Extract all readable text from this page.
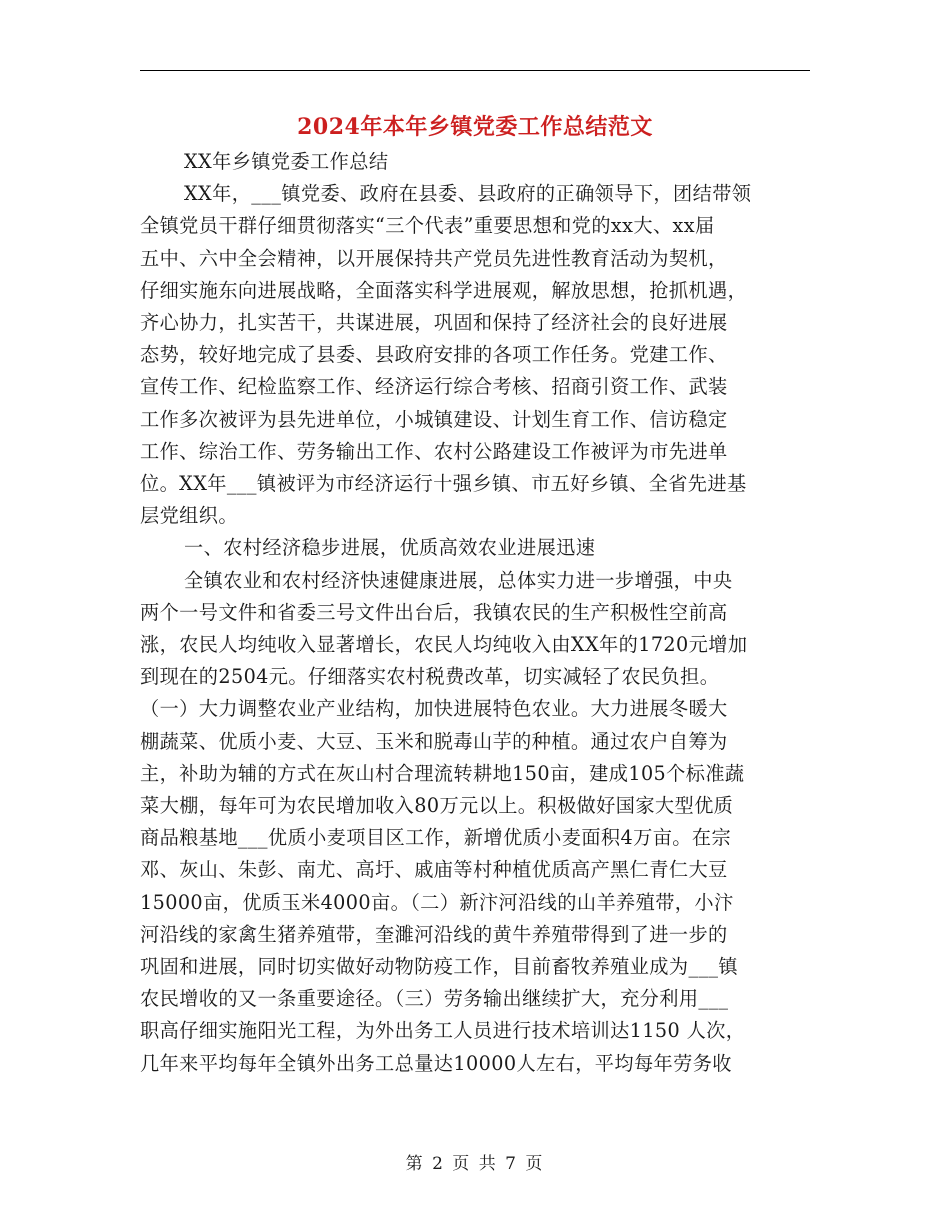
2024年本年乡镇党委工作总结范文

XX年乡镇党委工作总结

XX年，___镇党委、政府在县委、县政府的正确领导下，团结带领

全镇党员干群仔细贯彻落实“三个代表”重要思想和党的xx大、xx届

五中、六中全会精神，以开展保持共产党员先进性教育活动为契机，

仔细实施东向进展战略，全面落实科学进展观，解放思想，抢抓机遇，

齐心协力，扎实苦干，共谋进展，巩固和保持了经济社会的良好进展

态势，较好地完成了县委、县政府安排的各项工作任务。党建工作、

宣传工作、纪检监察工作、经济运行综合考核、招商引资工作、武装

工作多次被评为县先进单位，小城镇建设、计划生育工作、信访稳定

工作、综治工作、劳务输出工作、农村公路建设工作被评为市先进单

位。XX年___镇被评为市经济运行十强乡镇、市五好乡镇、全省先进基

层党组织。

一、农村经济稳步进展，优质高效农业进展迅速

全镇农业和农村经济快速健康进展，总体实力进一步增强，中央

两个一号文件和省委三号文件出台后，我镇农民的生产积极性空前高

涨，农民人均纯收入显著增长，农民人均纯收入由XX年的1720元增加

到现在的2504元。仔细落实农村税费改革，切实减轻了农民负担。

（一）大力调整农业产业结构，加快进展特色农业。大力进展冬暖大

棚蔬菜、优质小麦、大豆、玉米和脱毒山芋的种植。通过农户自筹为

主，补助为辅的方式在灰山村合理流转耕地150亩，建成105个标准蔬

菜大棚，每年可为农民增加收入80万元以上。积极做好国家大型优质

商品粮基地___优质小麦项目区工作，新增优质小麦面积4万亩。在宗

邓、灰山、朱彭、南尤、高圩、戚庙等村种植优质高产黑仁青仁大豆

15000亩，优质玉米4000亩。（二）新汴河沿线的山羊养殖带，小汴

河沿线的家禽生猪养殖带，奎濉河沿线的黄牛养殖带得到了进一步的

巩固和进展，同时切实做好动物防疫工作，目前畜牧养殖业成为___镇

农民增收的又一条重要途径。（三）劳务输出继续扩大，充分利用___

职高仔细实施阳光工程，为外出务工人员进行技术培训达1150 人次，

几年来平均每年全镇外出务工总量达10000人左右，平均每年劳务收

第 2 页 共 7 页
